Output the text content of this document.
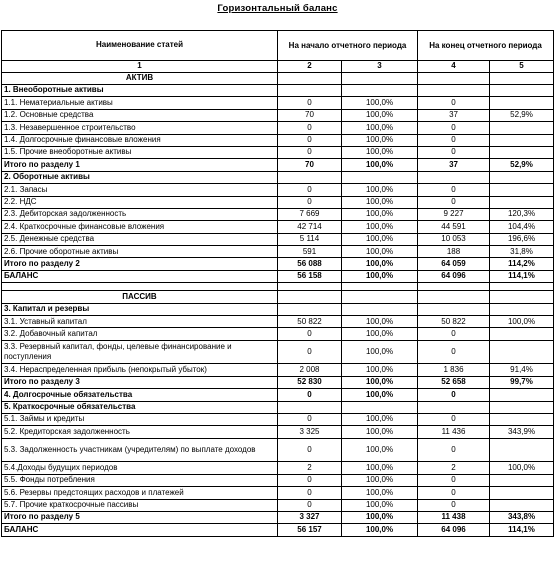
Горизонтальный баланс
Наименование статей	На начало отчетного периода		На конец отчетного периода	
1	2	3	4	5
АКТИВ				
1. Внеоборотные активы				
1.1. Нематериальные активы	0	100,0%	0	
1.2. Основные средства	70	100,0%	37	52,9%
1.3. Незавершенное строительство	0	100,0%	0	
1.4. Долгосрочные финансовые вложения	0	100,0%	0	
1.5. Прочие внеоборотные активы	0	100,0%	0	
Итого по разделу 1	70	100,0%	37	52,9%
2. Оборотные активы				
2.1. Запасы	0	100,0%	0	
2.2. НДС	0	100,0%	0	
2.3. Дебиторская задолженность	7 669	100,0%	9 227	120,3%
2.4. Краткосрочные финансовые вложения	42 714	100,0%	44 591	104,4%
2.5. Денежные средства	5 114	100,0%	10 053	196,6%
2.6. Прочие оборотные активы	591	100,0%	188	31,8%
Итого по разделу 2	56 088	100,0%	64 059	114,2%
БАЛАНС	56 158	100,0%	64 096	114,1%

ПАССИВ				
3. Капитал и резервы				
3.1. Уставный капитал	50 822	100,0%	50 822	100,0%
3.2. Добавочный капитал	0	100,0%	0	
3.3. Резервный капитал, фонды, целевые финансирование и поступления	0	100,0%	0	
3.4. Нераспределенная прибыль (непокрытый убыток)	2 008	100,0%	1 836	91,4%
Итого по разделу 3	52 830	100,0%	52 658	99,7%
4. Долгосрочные обязательства	0	100,0%	0	
5. Краткосрочные обязательства				
5.1. Займы и кредиты	0	100,0%	0	
5.2. Кредиторская задолженность	3 325	100,0%	11 436	343,9%
5.3. Задолженность участникам (учредителям) по выплате доходов	0	100,0%	0	
5.4.Доходы будущих периодов	2	100,0%	2	100,0%
5.5. Фонды потребления	0	100,0%	0	
5.6. Резервы предстоящих расходов и платежей	0	100,0%	0	
5.7. Прочие краткосрочные пассивы	0	100,0%	0	
Итого по разделу 5	3 327	100,0%	11 438	343,8%
БАЛАНС	56 157	100,0%	64 096	114,1%
